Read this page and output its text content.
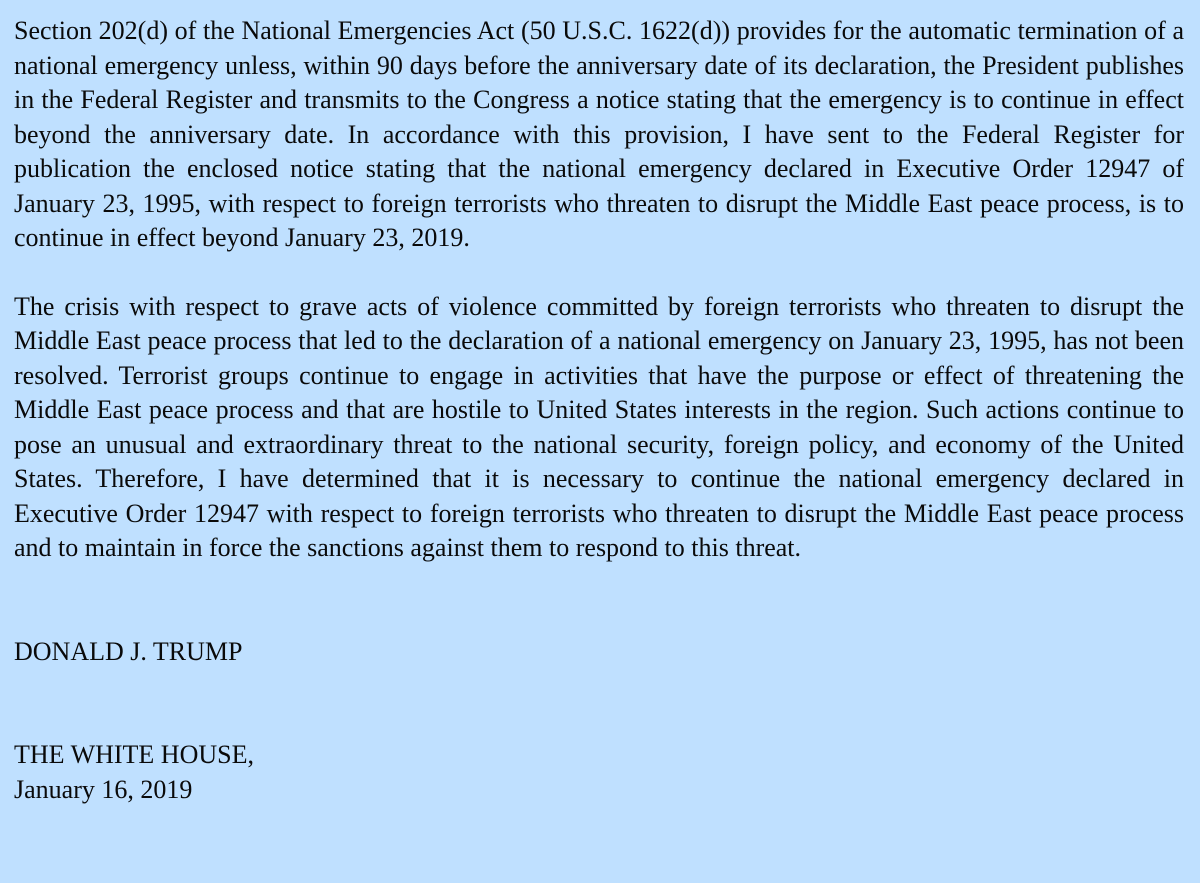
Section 202(d) of the National Emergencies Act (50 U.S.C. 1622(d)) provides for the automatic termination of a national emergency unless, within 90 days before the anniversary date of its declaration, the President publishes in the Federal Register and transmits to the Congress a notice stating that the emergency is to continue in effect beyond the anniversary date. In accordance with this provision, I have sent to the Federal Register for publication the enclosed notice stating that the national emergency declared in Executive Order 12947 of January 23, 1995, with respect to foreign terrorists who threaten to disrupt the Middle East peace process, is to continue in effect beyond January 23, 2019.

The crisis with respect to grave acts of violence committed by foreign terrorists who threaten to disrupt the Middle East peace process that led to the declaration of a national emergency on January 23, 1995, has not been resolved. Terrorist groups continue to engage in activities that have the purpose or effect of threatening the Middle East peace process and that are hostile to United States interests in the region. Such actions continue to pose an unusual and extraordinary threat to the national security, foreign policy, and economy of the United States. Therefore, I have determined that it is necessary to continue the national emergency declared in Executive Order 12947 with respect to foreign terrorists who threaten to disrupt the Middle East peace process and to maintain in force the sanctions against them to respond to this threat.

DONALD J. TRUMP
THE WHITE HOUSE,
January 16, 2019
